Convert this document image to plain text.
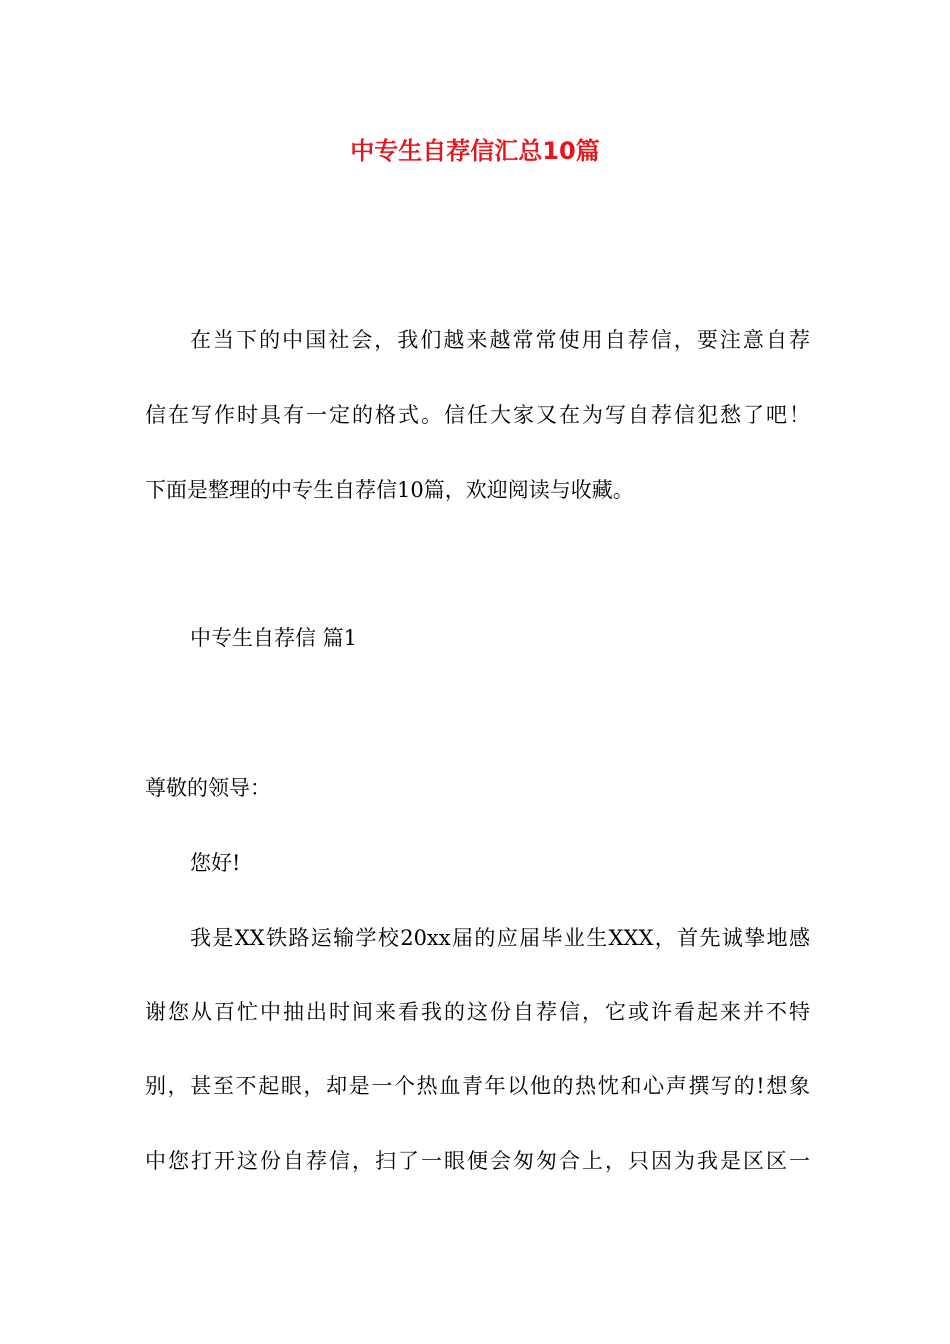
中专生自荐信汇总10篇
在当下的中国社会，我们越来越常常使用自荐信，要注意自荐
信在写作时具有一定的格式。信任大家又在为写自荐信犯愁了吧！
下面是整理的中专生自荐信10篇，欢迎阅读与收藏。
中专生自荐信 篇1
尊敬的领导：
您好!
我是XX铁路运输学校20xx届的应届毕业生XXX，首先诚挚地感
谢您从百忙中抽出时间来看我的这份自荐信，它或许看起来并不特
别，甚至不起眼，却是一个热血青年以他的热忱和心声撰写的!想象
中您打开这份自荐信，扫了一眼便会匆匆合上，只因为我是区区一
